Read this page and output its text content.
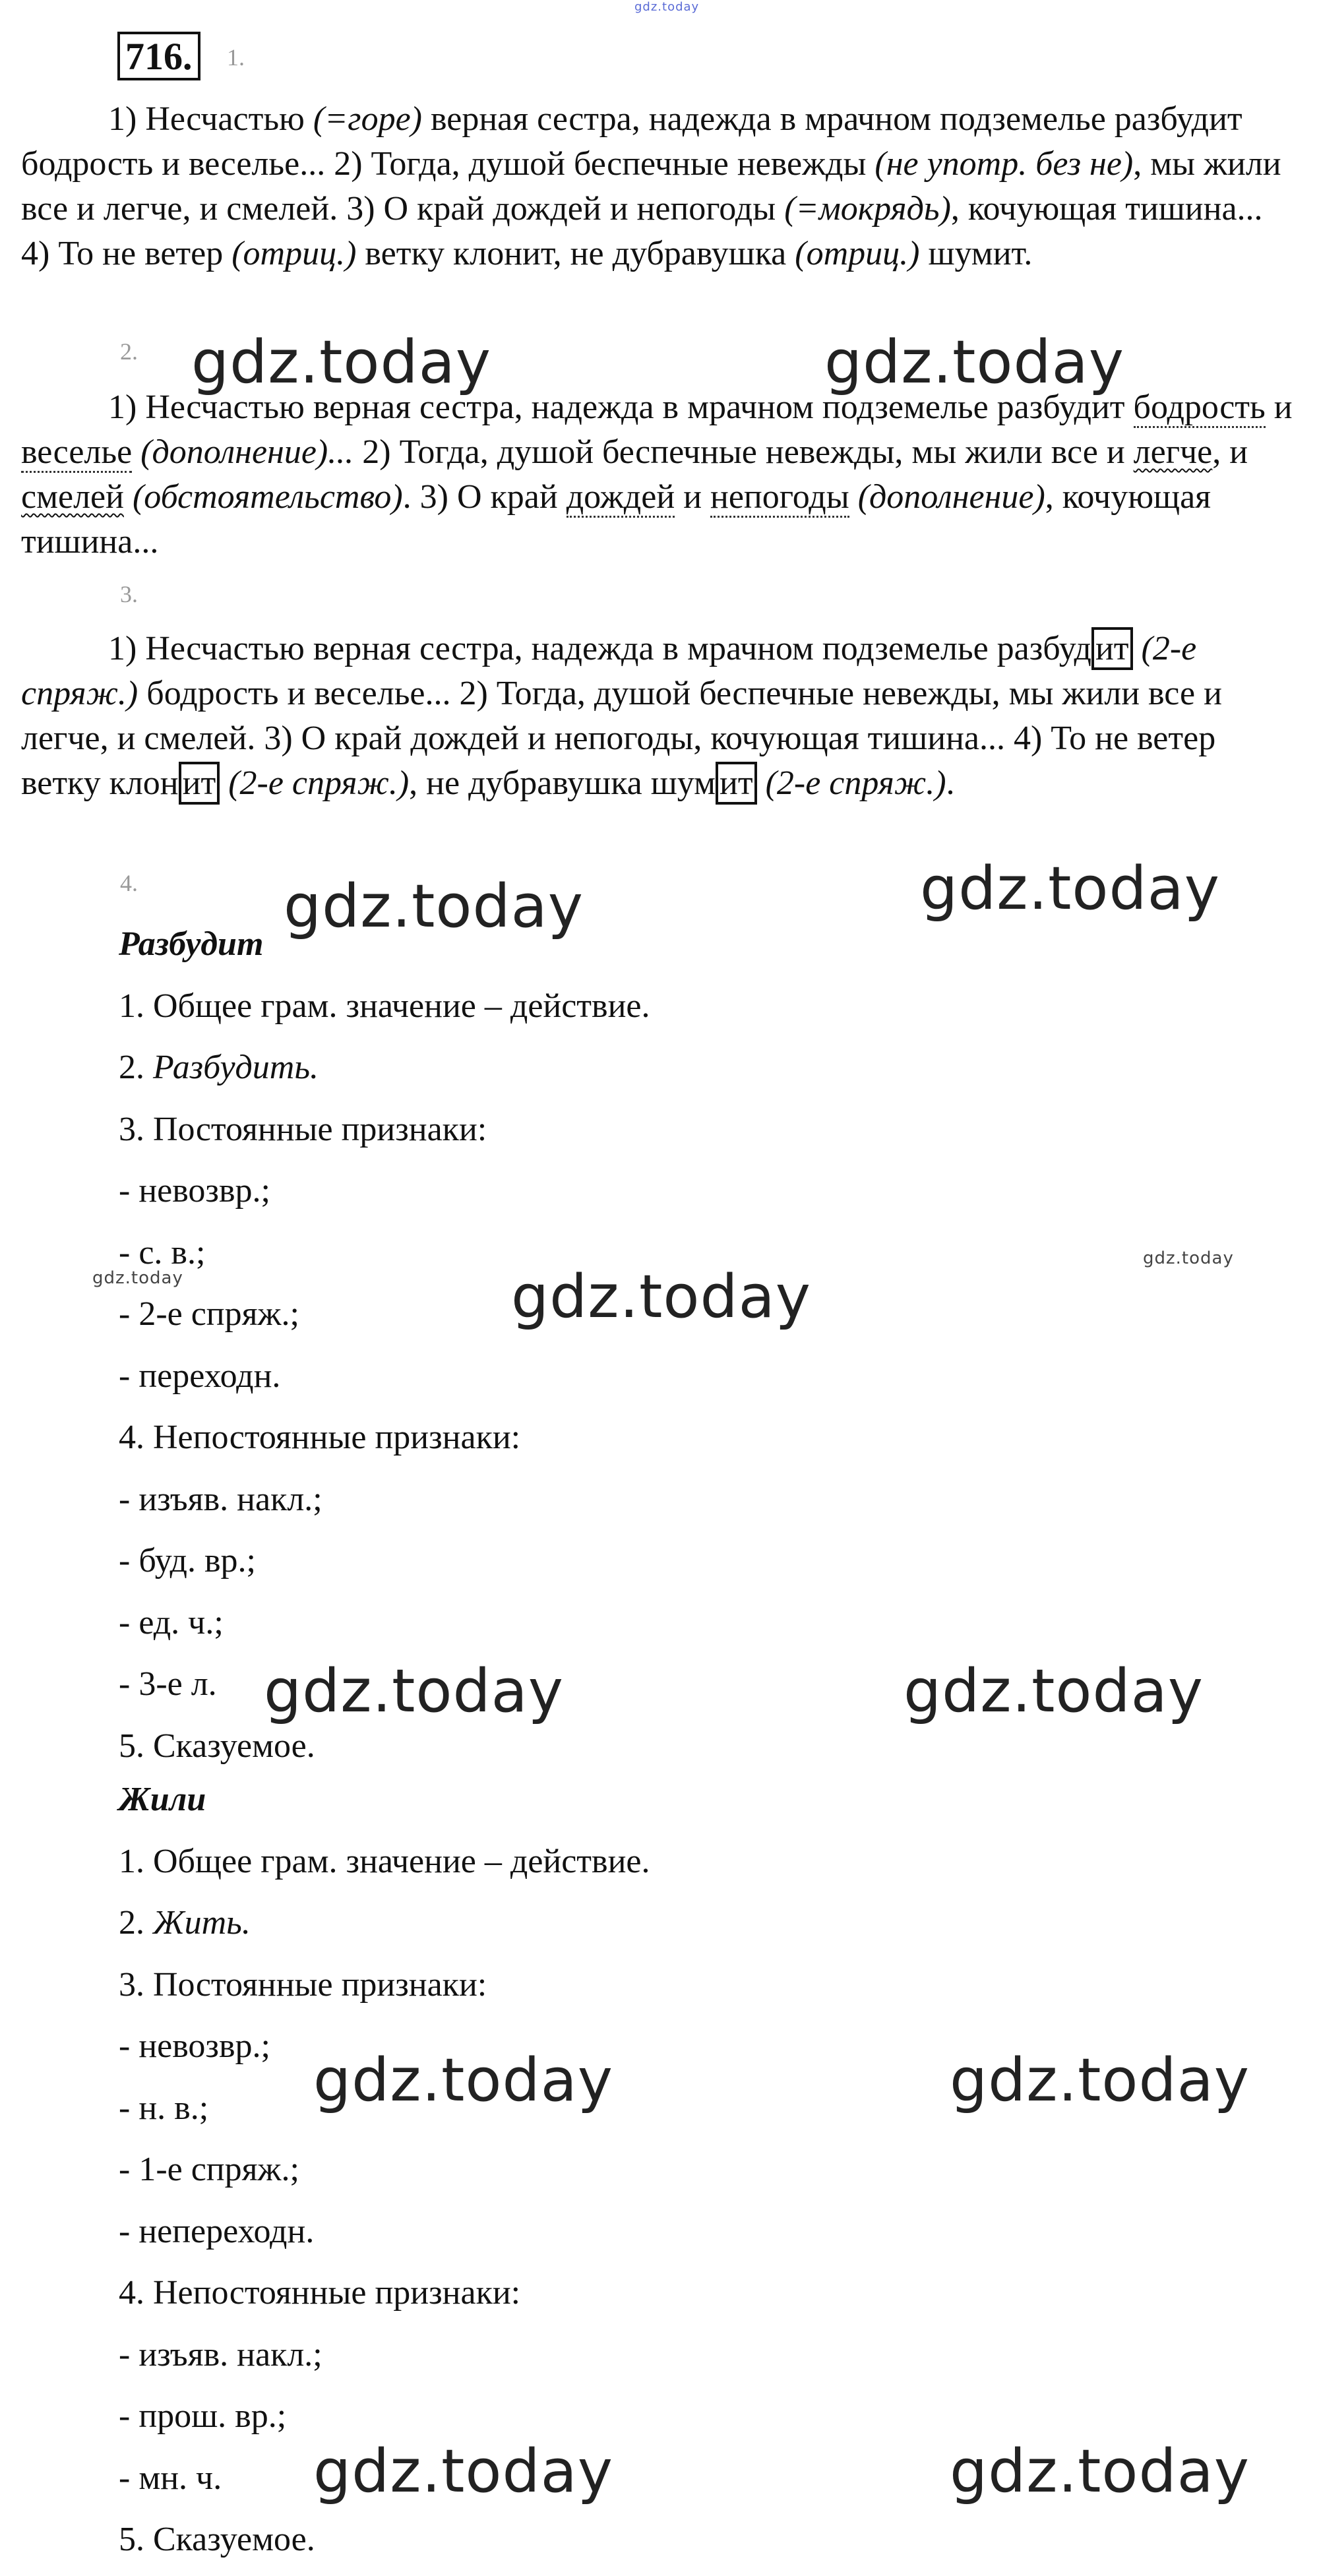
gdz.today
716.	1.
1) Несчастью (=горе) верная сестра, надежда в мрачном подземелье разбудит бодрость и веселье... 2) Тогда, душой беспечные невежды (не употр. без не), мы жили все и легче, и смелей. 3) О край дождей и непогоды (=мокрядь), кочующая тишина... 4) То не ветер (отриц.) ветку клонит, не дубравушка (отриц.) шумит.
2.
1) Несчастью верная сестра, надежда в мрачном подземелье разбудит бодрость и веселье (дополнение)... 2) Тогда, душой беспечные невежды, мы жили все и легче, и смелей (обстоятельство). 3) О край дождей и непогоды (дополнение), кочующая тишина...
3.
1) Несчастью верная сестра, надежда в мрачном подземелье разбуд ит (2-е спряж.) бодрость и веселье... 2) Тогда, душой беспечные невежды, мы жили все и легче, и смелей. 3) О край дождей и непогоды, кочующая тишина... 4) То не ветер ветку клон ит (2-е спряж.), не дубравушка шум ит (2-е спряж.).
4.
Разбудит
1. Общее грам. значение – действие.
2. Разбудить.
3. Постоянные признаки:
- невозвр.;
- с. в.;
- 2-е спряж.;
- переходн.
4. Непостоянные признаки:
- изъяв. накл.;
- буд. вр.;
- ед. ч.;
- 3-е л.
5. Сказуемое.
Жили
1. Общее грам. значение – действие.
2. Жить.
3. Постоянные признаки:
- невозвр.;
- н. в.;
- 1-е спряж.;
- непереходн.
4. Непостоянные признаки:
- изъяв. накл.;
- прош. вр.;
- мн. ч.
5. Сказуемое.
gdz.today	gdz.today
gdz.today	gdz.today
gdz.today
gdz.today
gdz.today
gdz.today	gdz.today
gdz.today	gdz.today
gdz.today	gdz.today
